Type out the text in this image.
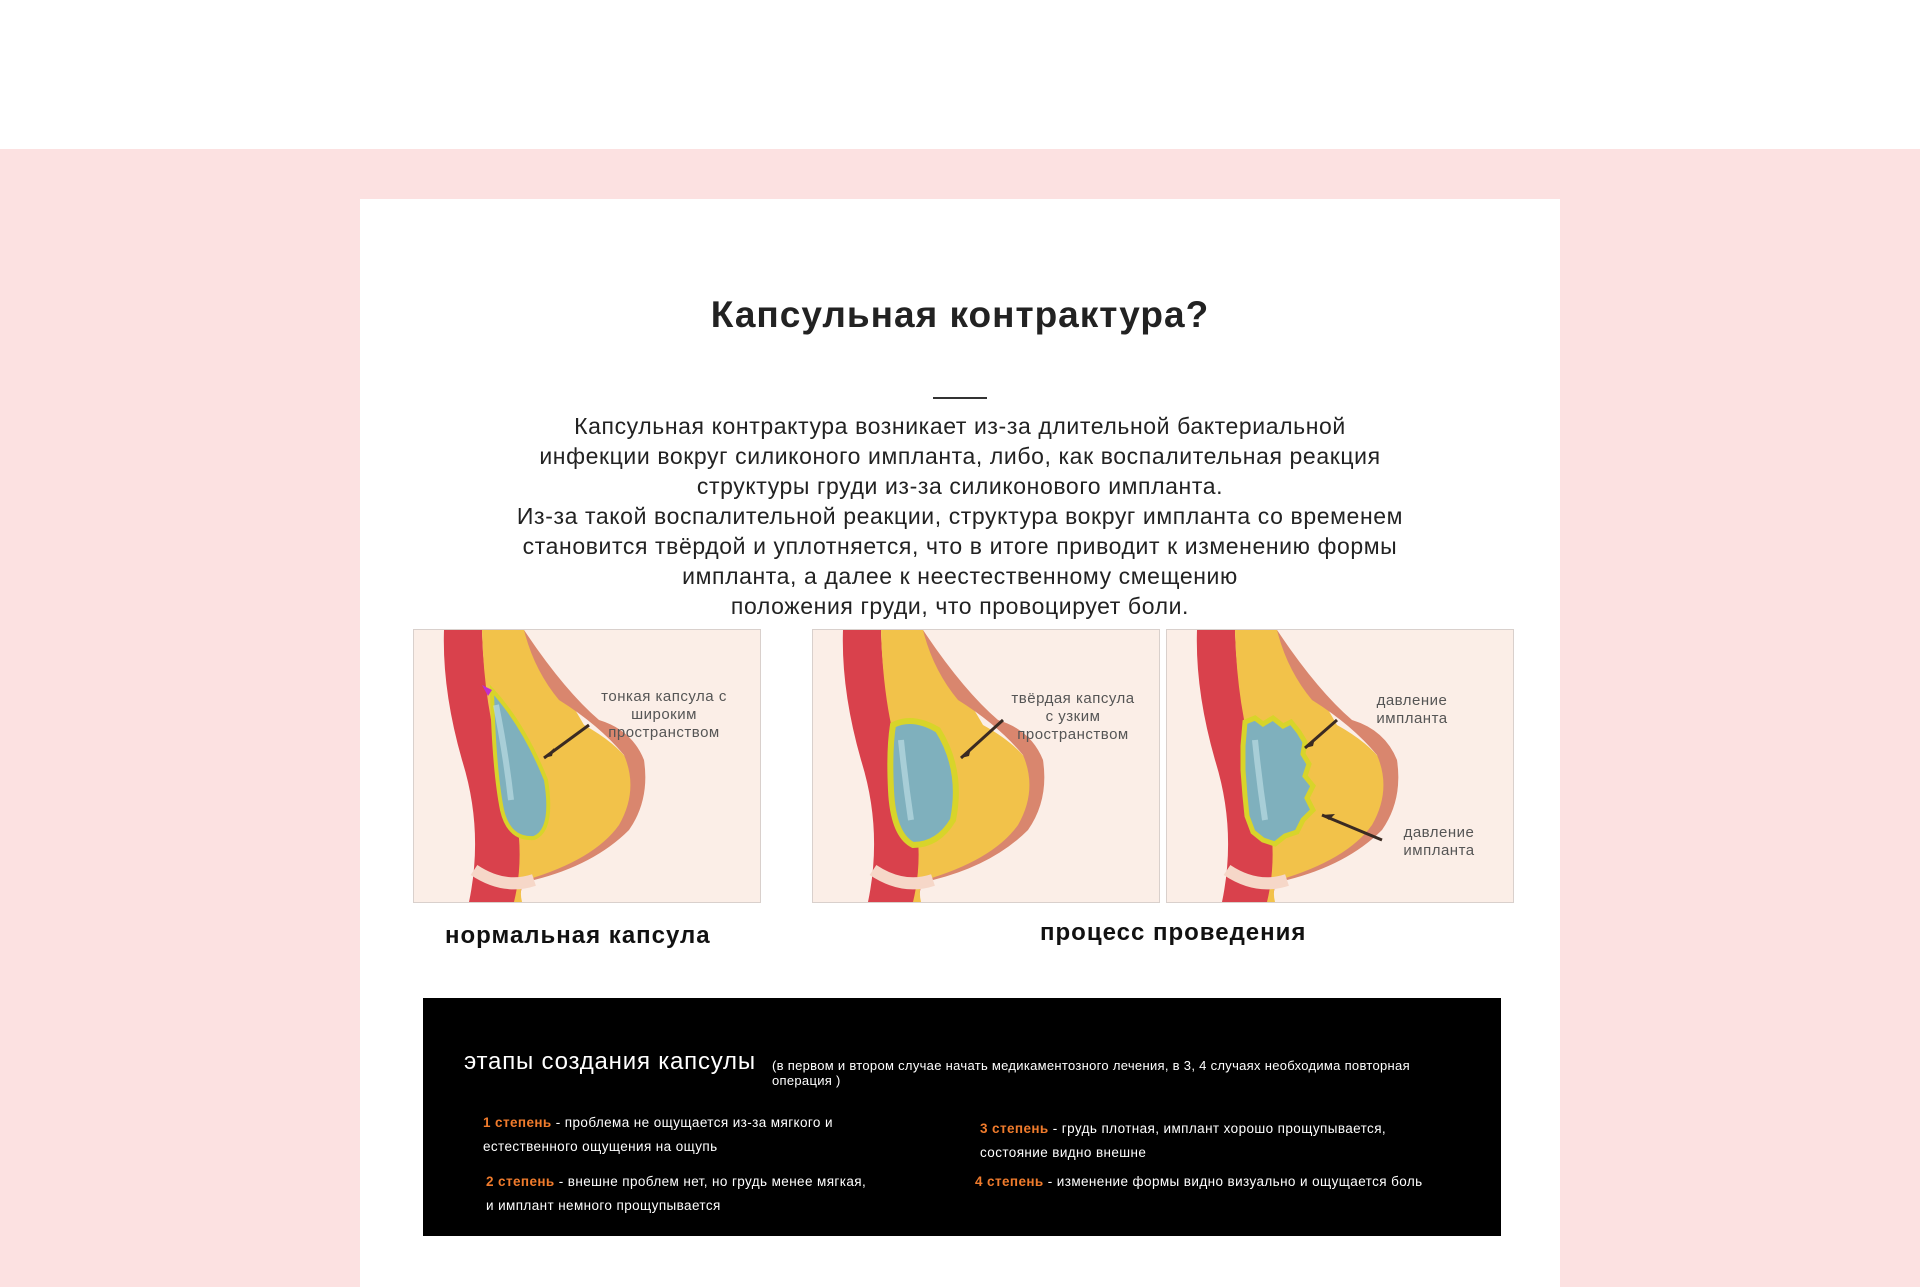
Капсульная контрактура?
Капсульная контрактура возникает из-за длительной бактериальной
инфекции вокруг силиконого импланта, либо, как воспалительная реакция
структуры груди из-за силиконового импланта.
Из-за такой воспалительной реакции, структура вокруг импланта со временем
становится твёрдой и уплотняется, что в итоге приводит к изменению формы
импланта, а далее к неестественному смещению
положения груди, что провоцирует боли.
тонкая капсула с
широким
пространством
твёрдая капсула
с узким
пространством
давление
импланта
давление
импланта
нормальная капсула	процесс проведения
этапы создания капсулы (в первом и втором случае начать медикаментозного лечения, в 3, 4 случаях необходима повторная операция )
1 степень - проблема не ощущается из-за мягкого и
естественного ощущения на ощупь
2 степень - внешне проблем нет, но грудь менее мягкая,
и имплант немного прощупывается
3 степень - грудь плотная, имплант хорошо прощупывается,
состояние видно внешне
4 степень - изменение формы видно визуально и ощущается боль
